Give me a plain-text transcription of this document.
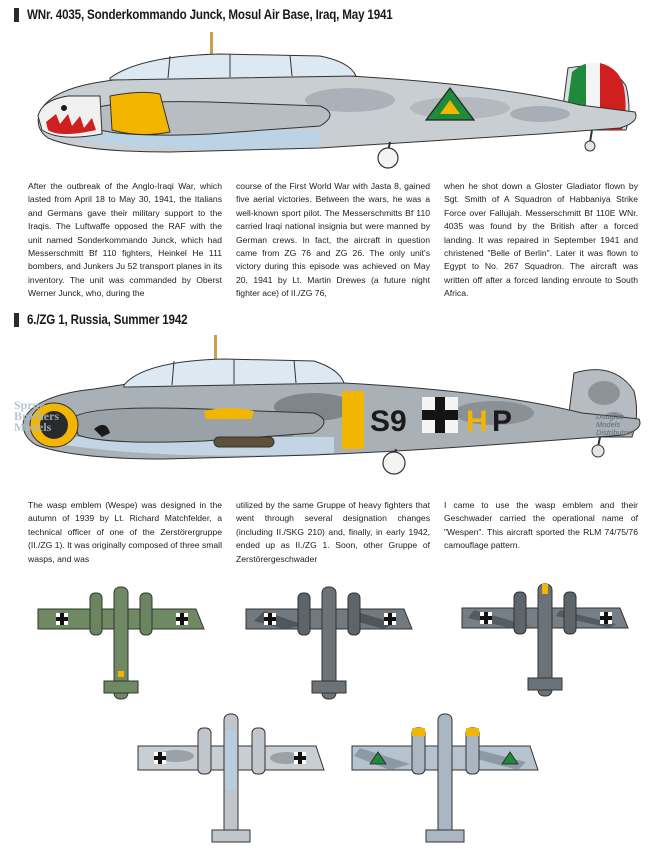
WNr. 4035, Sonderkommando Junck, Mosul Air Base, Iraq, May 1941
After the outbreak of the Anglo-Iraqi War, which lasted from April 18 to May 30, 1941, the Italians and Germans gave their military support to the Iraqis. The Luftwaffe opposed the RAF with the unit named Sonderkommando Junck, which had Messerschmitt Bf 110 fighters, Heinkel He 111 bombers, and Junkers Ju 52 transport planes in its inventory. The unit was commanded by Oberst Werner Junck, who, during the
course of the First World War with Jasta 8, gained five aerial victories. Between the wars, he was a well-known sport pilot. The Messerschmitts Bf 110 carried Iraqi national insignia but were manned by German crews. In fact, the aircraft in question came from ZG 76 and ZG 26. The only unit's victory during this episode was achieved on May 20, 1941 by Lt. Martin Drewes (a future night fighter ace) of II./ZG 76,
when he shot down a Gloster Gladiator flown by Sgt. Smith of A Squadron of Habbaniya Strike Force over Fallujah. Messerschmitt Bf 110E WNr. 4035 was found by the British after a forced landing. It was repaired in September 1941 and christened "Belle of Berlin". Later it was flown to Egypt to No. 267 Squadron. The aircraft was written off after a forced landing enroute to South Africa.
6./ZG 1, Russia, Summer 1942
S9 H P
Sprue
Brothers
Models
Douglas
Models
Distributors
The wasp emblem (Wespe) was designed in the autumn of 1939 by Lt. Richard Matchfelder, a technical officer of one of the Zerstörergruppe (II./ZG 1). It was originally composed of three small wasps, and was
utilized by the same Gruppe of heavy fighters that went through several designation changes (including II./SKG 210) and, finally, in early 1942, ended up as II./ZG 1. Soon, other Gruppe of Zerstörergeschwader
I came to use the wasp emblem and their Geschwader carried the operational name of "Wespen". This aircraft sported the RLM 74/75/76 camouflage pattern.
